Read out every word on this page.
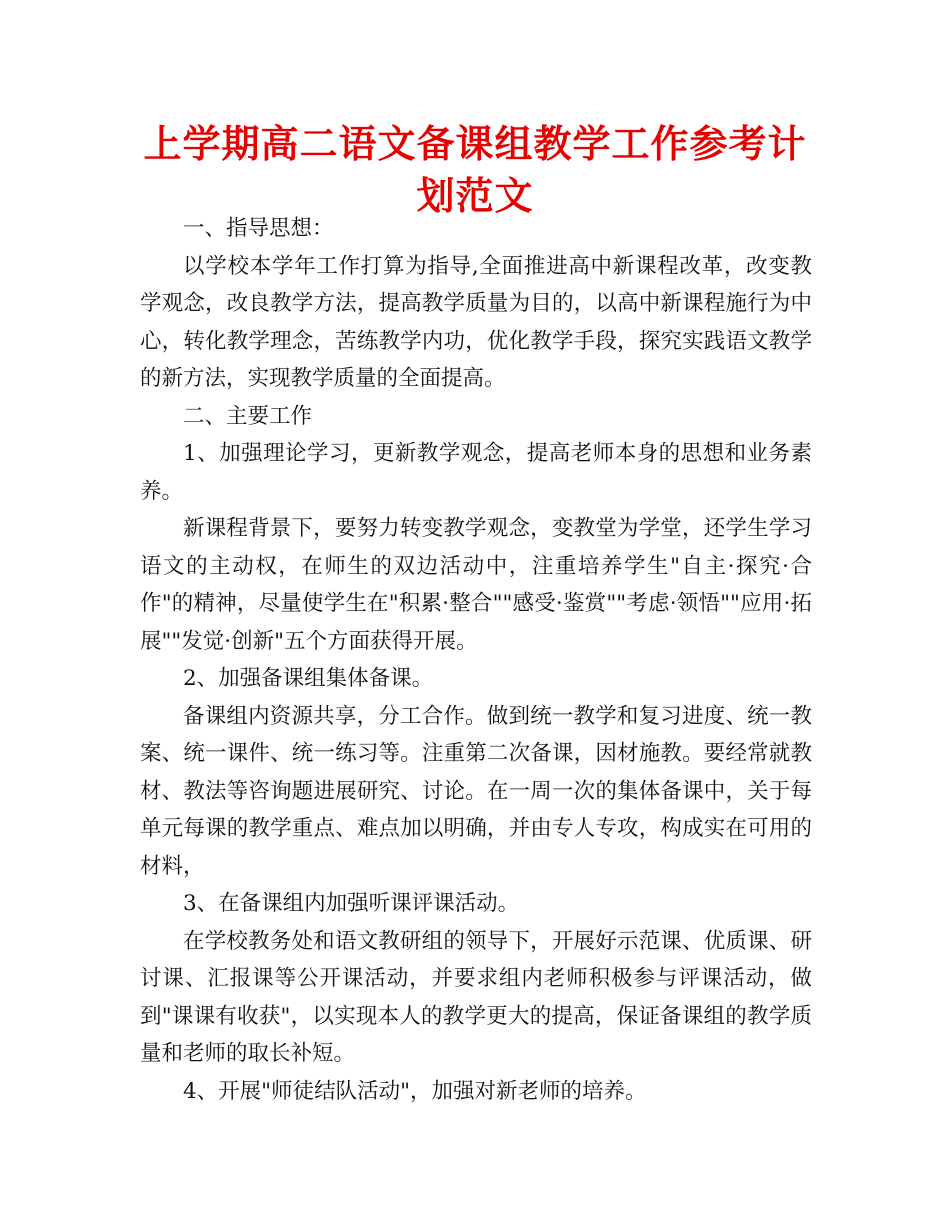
上学期高二语文备课组教学工作参考计划范文

一、指导思想：

以学校本学年工作打算为指导,全面推进高中新课程改革，改变教学观念，改良教学方法，提高教学质量为目的，以高中新课程施行为中心，转化教学理念，苦练教学内功，优化教学手段，探究实践语文教学的新方法，实现教学质量的全面提高。

二、主要工作

1、加强理论学习，更新教学观念，提高老师本身的思想和业务素养。

新课程背景下，要努力转变教学观念，变教堂为学堂，还学生学习语文的主动权，在师生的双边活动中，注重培养学生"自主·探究·合作"的精神，尽量使学生在"积累·整合""感受·鉴赏""考虑·领悟""应用·拓展""发觉·创新"五个方面获得开展。

2、加强备课组集体备课。

备课组内资源共享，分工合作。做到统一教学和复习进度、统一教案、统一课件、统一练习等。注重第二次备课，因材施教。要经常就教材、教法等咨询题进展研究、讨论。在一周一次的集体备课中，关于每单元每课的教学重点、难点加以明确，并由专人专攻，构成实在可用的材料，

3、在备课组内加强听课评课活动。

在学校教务处和语文教研组的领导下，开展好示范课、优质课、研讨课、汇报课等公开课活动，并要求组内老师积极参与评课活动，做到"课课有收获"，以实现本人的教学更大的提高，保证备课组的教学质量和老师的取长补短。

4、开展"师徒结队活动"，加强对新老师的培养。
